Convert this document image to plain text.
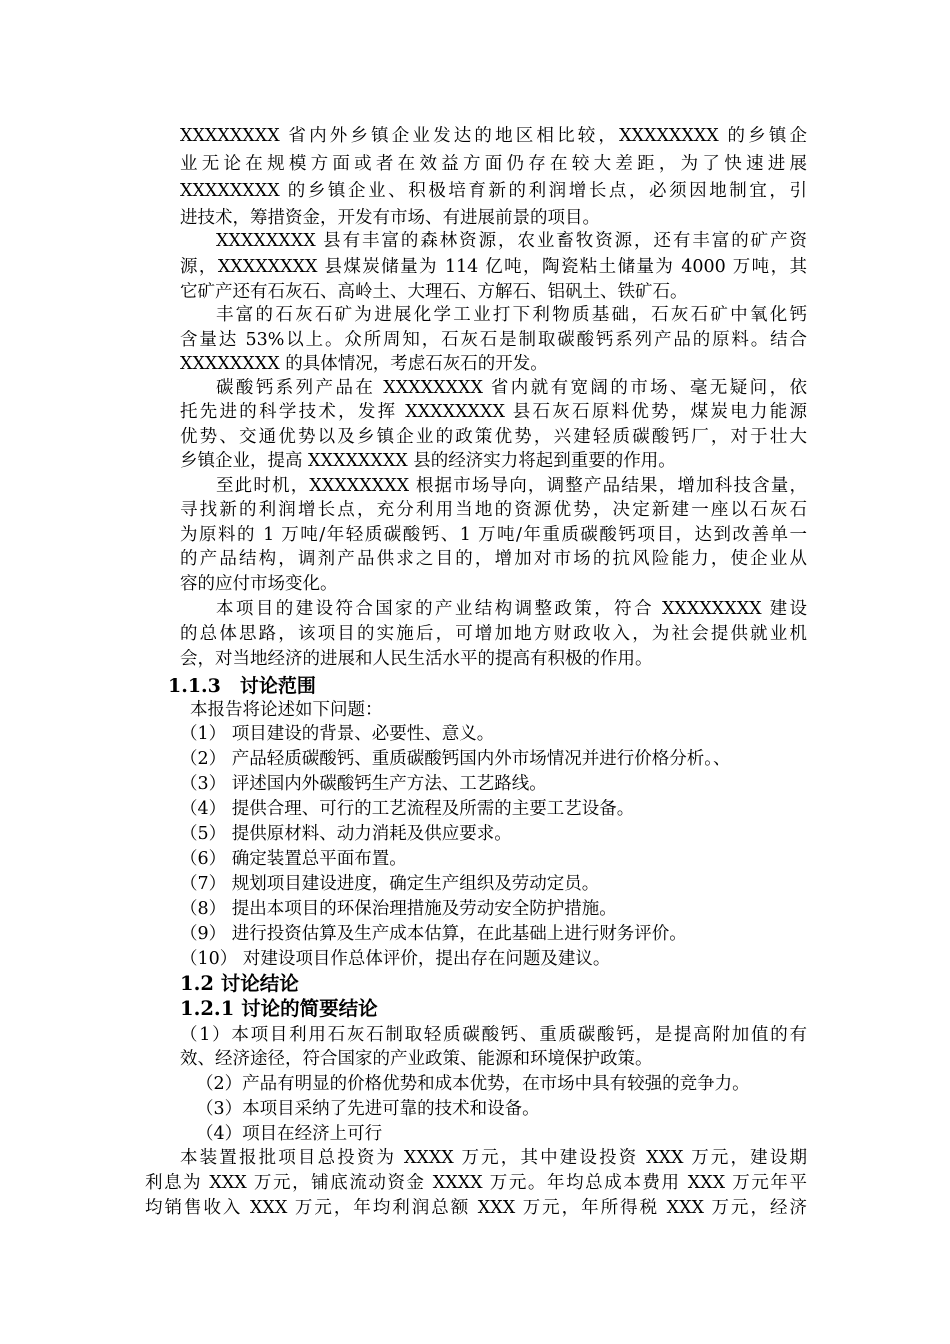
XXXXXXXX 省内外乡镇企业发达的地区相比较，XXXXXXXX 的乡镇企
业无论在规模方面或者在效益方面仍存在较大差距，为了快速进展
XXXXXXXX 的乡镇企业、积极培育新的利润增长点，必须因地制宜，引
进技术，筹措资金，开发有市场、有进展前景的项目。
XXXXXXXX 县有丰富的森林资源，农业畜牧资源，还有丰富的矿产资
源，XXXXXXXX 县煤炭储量为 114 亿吨，陶瓷粘土储量为 4000 万吨，其
它矿产还有石灰石、高岭土、大理石、方解石、铝矾土、铁矿石。
丰富的石灰石矿为进展化学工业打下利物质基础，石灰石矿中氧化钙
含量达 53%以上。众所周知，石灰石是制取碳酸钙系列产品的原料。结合
XXXXXXXX 的具体情况，考虑石灰石的开发。
碳酸钙系列产品在 XXXXXXXX 省内就有宽阔的市场、毫无疑问，依
托先进的科学技术，发挥 XXXXXXXX 县石灰石原料优势，煤炭电力能源
优势、交通优势以及乡镇企业的政策优势，兴建轻质碳酸钙厂，对于壮大
乡镇企业，提高 XXXXXXXX 县的经济实力将起到重要的作用。
至此时机，XXXXXXXX 根据市场导向，调整产品结果，增加科技含量，
寻找新的利润增长点，充分利用当地的资源优势，决定新建一座以石灰石
为原料的 1 万吨/年轻质碳酸钙、1 万吨/年重质碳酸钙项目，达到改善单一
的产品结构，调剂产品供求之目的，增加对市场的抗风险能力，使企业从
容的应付市场变化。
本项目的建设符合国家的产业结构调整政策，符合 XXXXXXXX 建设
的总体思路，该项目的实施后，可增加地方财政收入，为社会提供就业机
会，对当地经济的进展和人民生活水平的提高有积极的作用。
1.1.3　讨论范围
本报告将论述如下问题：
（1） 项目建设的背景、必要性、意义。
（2） 产品轻质碳酸钙、重质碳酸钙国内外市场情况并进行价格分析。、
（3） 评述国内外碳酸钙生产方法、工艺路线。
（4） 提供合理、可行的工艺流程及所需的主要工艺设备。
（5） 提供原材料、动力消耗及供应要求。
（6） 确定装置总平面布置。
（7） 规划项目建设进度，确定生产组织及劳动定员。
（8） 提出本项目的环保治理措施及劳动安全防护措施。
（9） 进行投资估算及生产成本估算，在此基础上进行财务评价。
（10） 对建设项目作总体评价，提出存在问题及建议。
1.2 讨论结论
1.2.1 讨论的简要结论
（1）本项目利用石灰石制取轻质碳酸钙、重质碳酸钙，是提高附加值的有
效、经济途径，符合国家的产业政策、能源和环境保护政策。
（2）产品有明显的价格优势和成本优势，在市场中具有较强的竞争力。
（3）本项目采纳了先进可靠的技术和设备。
（4）项目在经济上可行
本装置报批项目总投资为 XXXX 万元，其中建设投资 XXX 万元，建设期
利息为 XXX 万元，铺底流动资金 XXXX 万元。年均总成本费用 XXX 万元年平
均销售收入 XXX 万元，年均利润总额 XXX 万元，年所得税 XXX 万元，经济
